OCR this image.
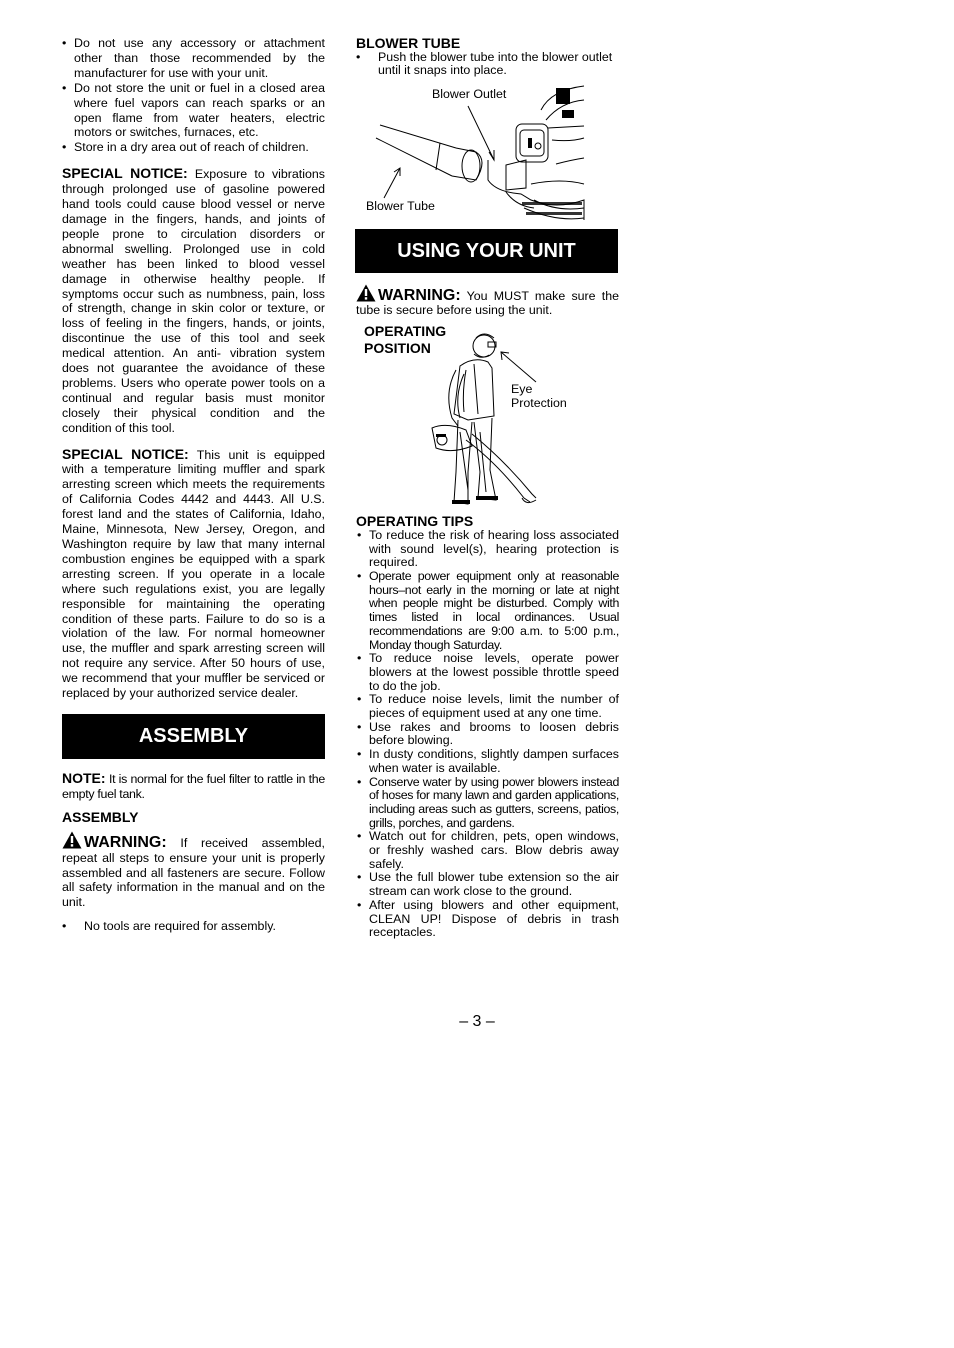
• Do not use any accessory or attachment other than those recommended by the manufacturer for use with your unit.
• Do not store the unit or fuel in a closed area where fuel vapors can reach sparks or an open flame from water heaters, electric motors or switches, furnaces, etc.
• Store in a dry area out of reach of children.

SPECIAL NOTICE: Exposure to vibrations through prolonged use of gasoline powered hand tools could cause blood vessel or nerve damage in the fingers, hands, and joints of people prone to circulation disorders or abnormal swelling. Prolonged use in cold weather has been linked to blood vessel damage in otherwise healthy people. If symptoms occur such as numbness, pain, loss of strength, change in skin color or texture, or loss of feeling in the fingers, hands, or joints, discontinue the use of this tool and seek medical attention. An anti- vibration system does not guarantee the avoidance of these problems. Users who operate power tools on a continual and regular basis must monitor closely their physical condition and the condition of this tool.

SPECIAL NOTICE: This unit is equipped with a temperature limiting muffler and spark arresting screen which meets the requirements of California Codes 4442 and 4443. All U.S. forest land and the states of California, Idaho, Maine, Minnesota, New Jersey, Oregon, and Washington require by law that many internal combustion engines be equipped with a spark arresting screen. If you operate in a locale where such regulations exist, you are legally responsible for maintaining the operating condition of these parts. Failure to do so is a violation of the law. For normal homeowner use, the muffler and spark arresting screen will not require any service. After 50 hours of use, we recommend that your muffler be serviced or replaced by your authorized service dealer.

ASSEMBLY

NOTE: It is normal for the fuel filter to rattle in the empty fuel tank.

ASSEMBLY

WARNING: If received assembled, repeat all steps to ensure your unit is properly assembled and all fasteners are secure. Follow all safety information in the manual and on the unit.

• No tools are required for assembly.

BLOWER TUBE

• Push the blower tube into the blower outlet until it snaps into place.
Blower Outlet
Blower Tube
USING YOUR UNIT

WARNING: You MUST make sure the tube is secure before using the unit.

OPERATING
POSITION
Eye
Protection

OPERATING TIPS

• To reduce the risk of hearing loss associated with sound level(s), hearing protection is required.
• Operate power equipment only at reasonable hours–not early in the morning or late at night when people might be disturbed. Comply with times listed in local ordinances. Usual recommendations are 9:00 a.m. to 5:00 p.m., Monday though Saturday.
• To reduce noise levels, operate power blowers at the lowest possible throttle speed to do the job.
• To reduce noise levels, limit the number of pieces of equipment used at any one time.
• Use rakes and brooms to loosen debris before blowing.
• In dusty conditions, slightly dampen surfaces when water is available.
• Conserve water by using power blowers instead of hoses for many lawn and garden applications, including areas such as gutters, screens, patios, grills, porches, and gardens.
• Watch out for children, pets, open windows, or freshly washed cars. Blow debris away safely.
• Use the full blower tube extension so the air stream can work close to the ground.
• After using blowers and other equipment, CLEAN UP! Dispose of debris in trash receptacles.
– 3 –
